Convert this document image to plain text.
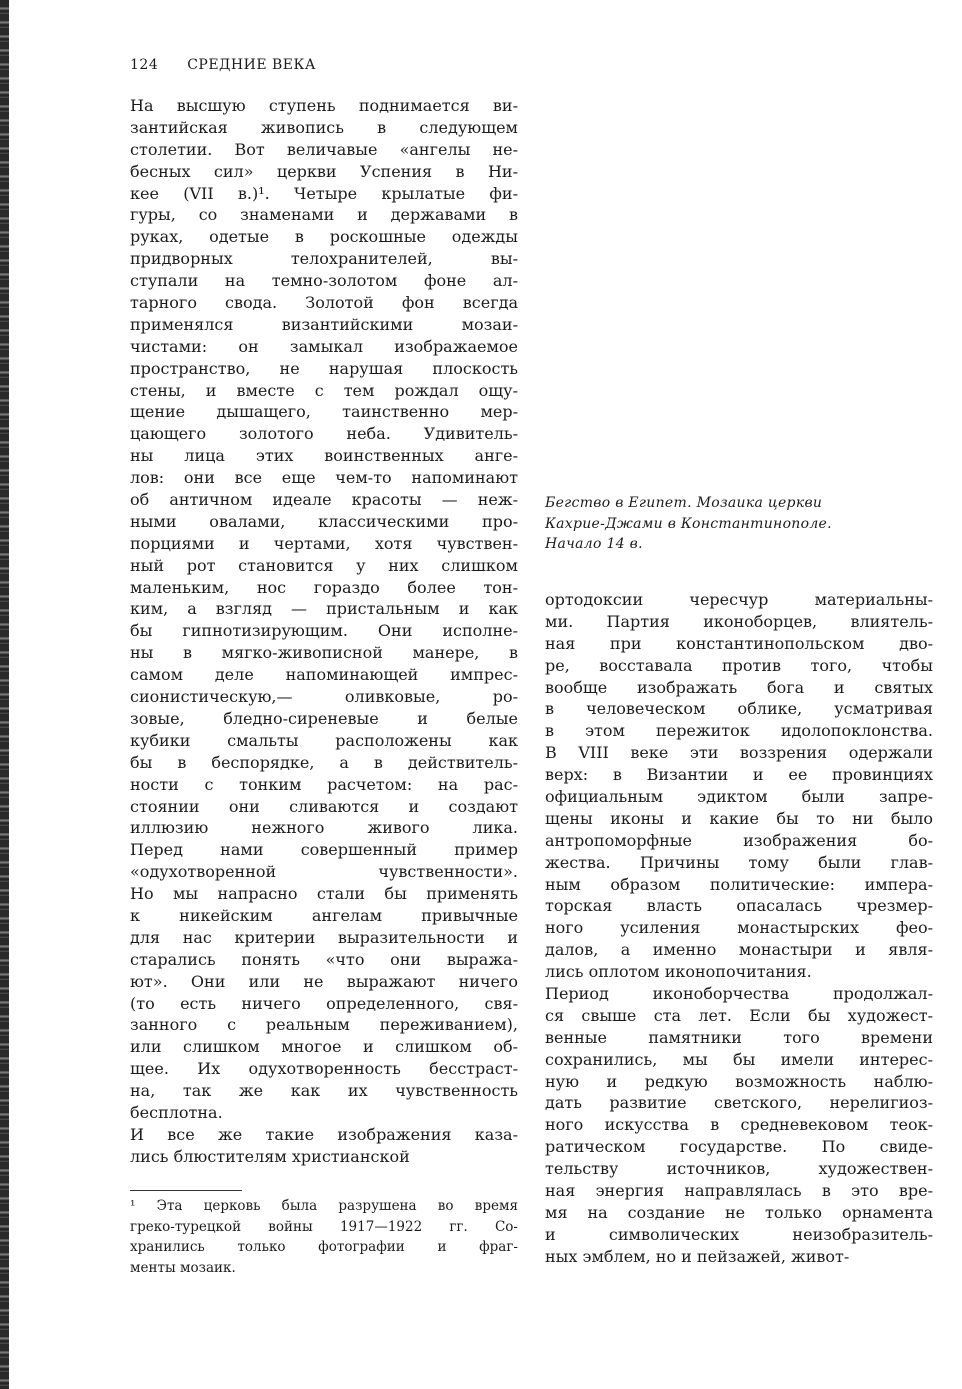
124 СРЕДНИЕ ВЕКА
На высшую ступень поднимается ви-
зантийская живопись в следующем
столетии. Вот величавые «ангелы не-
бесных сил» церкви Успения в Ни-
кее (VII в.)¹. Четыре крылатые фи-
гуры, со знаменами и державами в
руках, одетые в роскошные одежды
придворных телохранителей, вы-
ступали на темно-золотом фоне ал-
тарного свода. Золотой фон всегда
применялся византийскими мозаи-
чистами: он замыкал изображаемое
пространство, не нарушая плоскость
стены, и вместе с тем рождал ощу-
щение дышащего, таинственно мер-
цающего золотого неба. Удивитель-
ны лица этих воинственных анге-
лов: они все еще чем-то напоминают
об античном идеале красоты — неж-
ными овалами, классическими про-
порциями и чертами, хотя чувствен-
ный рот становится у них слишком
маленьким, нос гораздо более тон-
ким, а взгляд — пристальным и как
бы гипнотизирующим. Они исполне-
ны в мягко-живописной манере, в
самом деле напоминающей импрес-
сионистическую,— оливковые, ро-
зовые, бледно-сиреневые и белые
кубики смальты расположены как
бы в беспорядке, а в действитель-
ности с тонким расчетом: на рас-
стоянии они сливаются и создают
иллюзию нежного живого лика.
Перед нами совершенный пример
«одухотворенной чувственности».
Но мы напрасно стали бы применять
к никейским ангелам привычные
для нас критерии выразительности и
старались понять «что они выража-
ют». Они или не выражают ничего
(то есть ничего определенного, свя-
занного с реальным переживанием),
или слишком многое и слишком об-
щее. Их одухотворенность бесстраст-
на, так же как их чувственность
бесплотна.
И все же такие изображения каза-
лись блюстителям христианской
Бегство в Египет. Мозаика церкви
Кахрие-Джами в Константинополе.
Начало 14 в.
ортодоксии чересчур материальны-
ми. Партия иконоборцев, влиятель-
ная при константинопольском дво-
ре, восставала против того, чтобы
вообще изображать бога и святых
в человеческом облике, усматривая
в этом пережиток идолопоклонства.
В VIII веке эти воззрения одержали
верх: в Византии и ее провинциях
официальным эдиктом были запре-
щены иконы и какие бы то ни было
антропоморфные изображения бо-
жества. Причины тому были глав-
ным образом политические: импера-
торская власть опасалась чрезмер-
ного усиления монастырских фео-
далов, а именно монастыри и явля-
лись оплотом иконопочитания.
Период иконоборчества продолжал-
ся свыше ста лет. Если бы художест-
венные памятники того времени
сохранились, мы бы имели интерес-
ную и редкую возможность наблю-
дать развитие светского, нерелигиоз-
ного искусства в средневековом теок-
ратическом государстве. По свиде-
тельству источников, художествен-
ная энергия направлялась в это вре-
мя на создание не только орнамента
и символических неизобразитель-
ных эмблем, но и пейзажей, живот-
¹ Эта церковь была разрушена во время
греко-турецкой войны 1917—1922 гг. Со-
хранились только фотографии и фраг-
менты мозаик.
